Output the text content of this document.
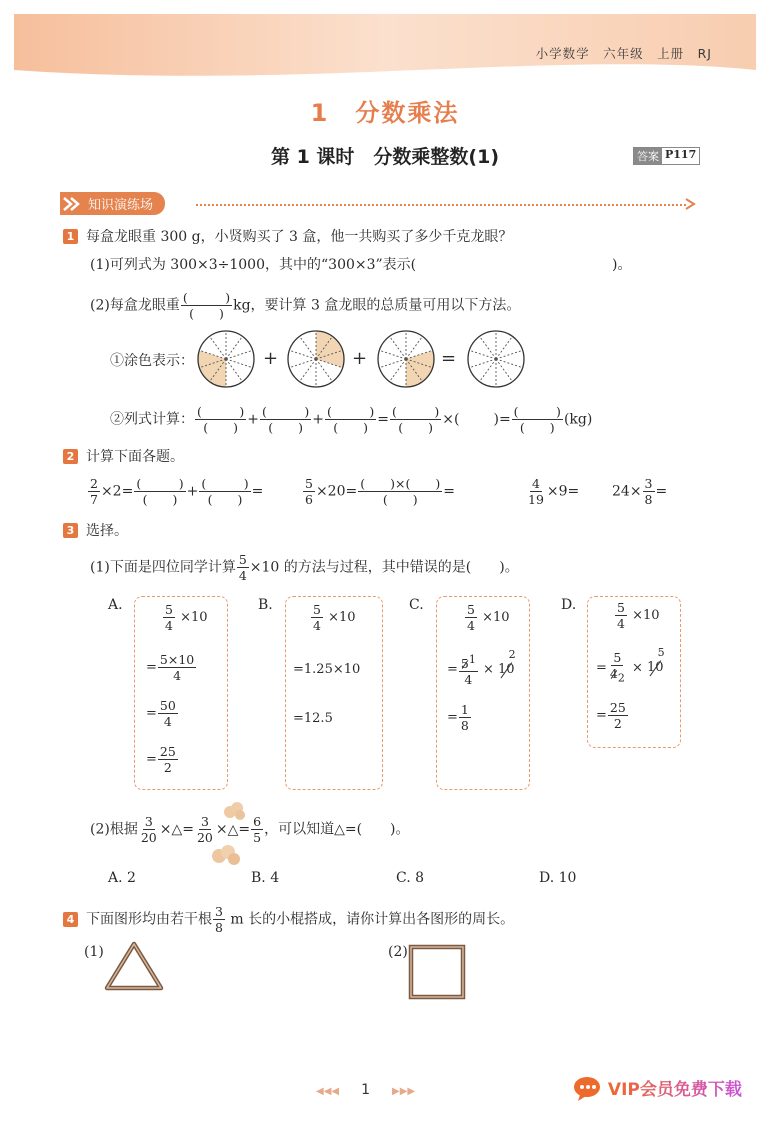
小学数学　六年级　上册　RJ
1　分数乘法
第 1 课时　分数乘整数(1)	答案 P117
知识演练场
1 每盒龙眼重 300 g，小贤购买了 3 盒，他一共购买了多少千克龙眼？
(1)可列式为 300×3÷1000，其中的“300×3”表示(	)。
(2)每盒龙眼重 $\frac{( )}{( )}$ kg，要计算 3 盒龙眼的总质量可用以下方法。
①涂色表示：	+	+	=
②列式计算： $\frac{( )}{( )} + \frac{( )}{( )} + \frac{( )}{( )} = \frac{( )}{( )}$ ×( )= $\frac{( )}{( )} (kg)$
2 计算下面各题。
$\frac{2}{7} \times 2= \frac{( )}{( )} + \frac{( )}{( )}$ =	$\frac{5}{6} \times 20= \frac{( )\times( )}{( )}$ =	$\frac{4}{19} \times 9= 24\times \frac{3}{8}$ =
3 选择。
(1)下面是四位同学计算 $\frac{5}{4} \times 10$ 的方法与过程，其中错误的是(　　)。
A.	$\frac{5}{4} \times 10$
= $\frac{5\times 10}{4}$
= $\frac{50}{4}$
= $\frac{25}{2}$
B.	$\frac{5}{4} \times 10$
=1.25×10
=12.5
C.	$\frac{5}{4} \times 10$
= $\frac{5^1}{4} \times 10^2$
= $\frac{1}{8}$
D.	$\frac{5}{4} \times 10$
= $\frac{5}{4_2} \times 10^5$
= $\frac{25}{2}$
(2)根据 $\frac{3}{20}$ ×△= $\frac{3}{20}$ ×△
= $\frac{6}{5}$ ，可以知道△=(　　)。
A. 2	B. 4	C. 8	D. 10
4 下面图形均由若干根 $\frac{3}{8}$ m 长的小棍搭成，请你计算出各图形的周长。
(1)	(2)
◀◀◀ 1 ▶▶▶	VIP会员免费下载
